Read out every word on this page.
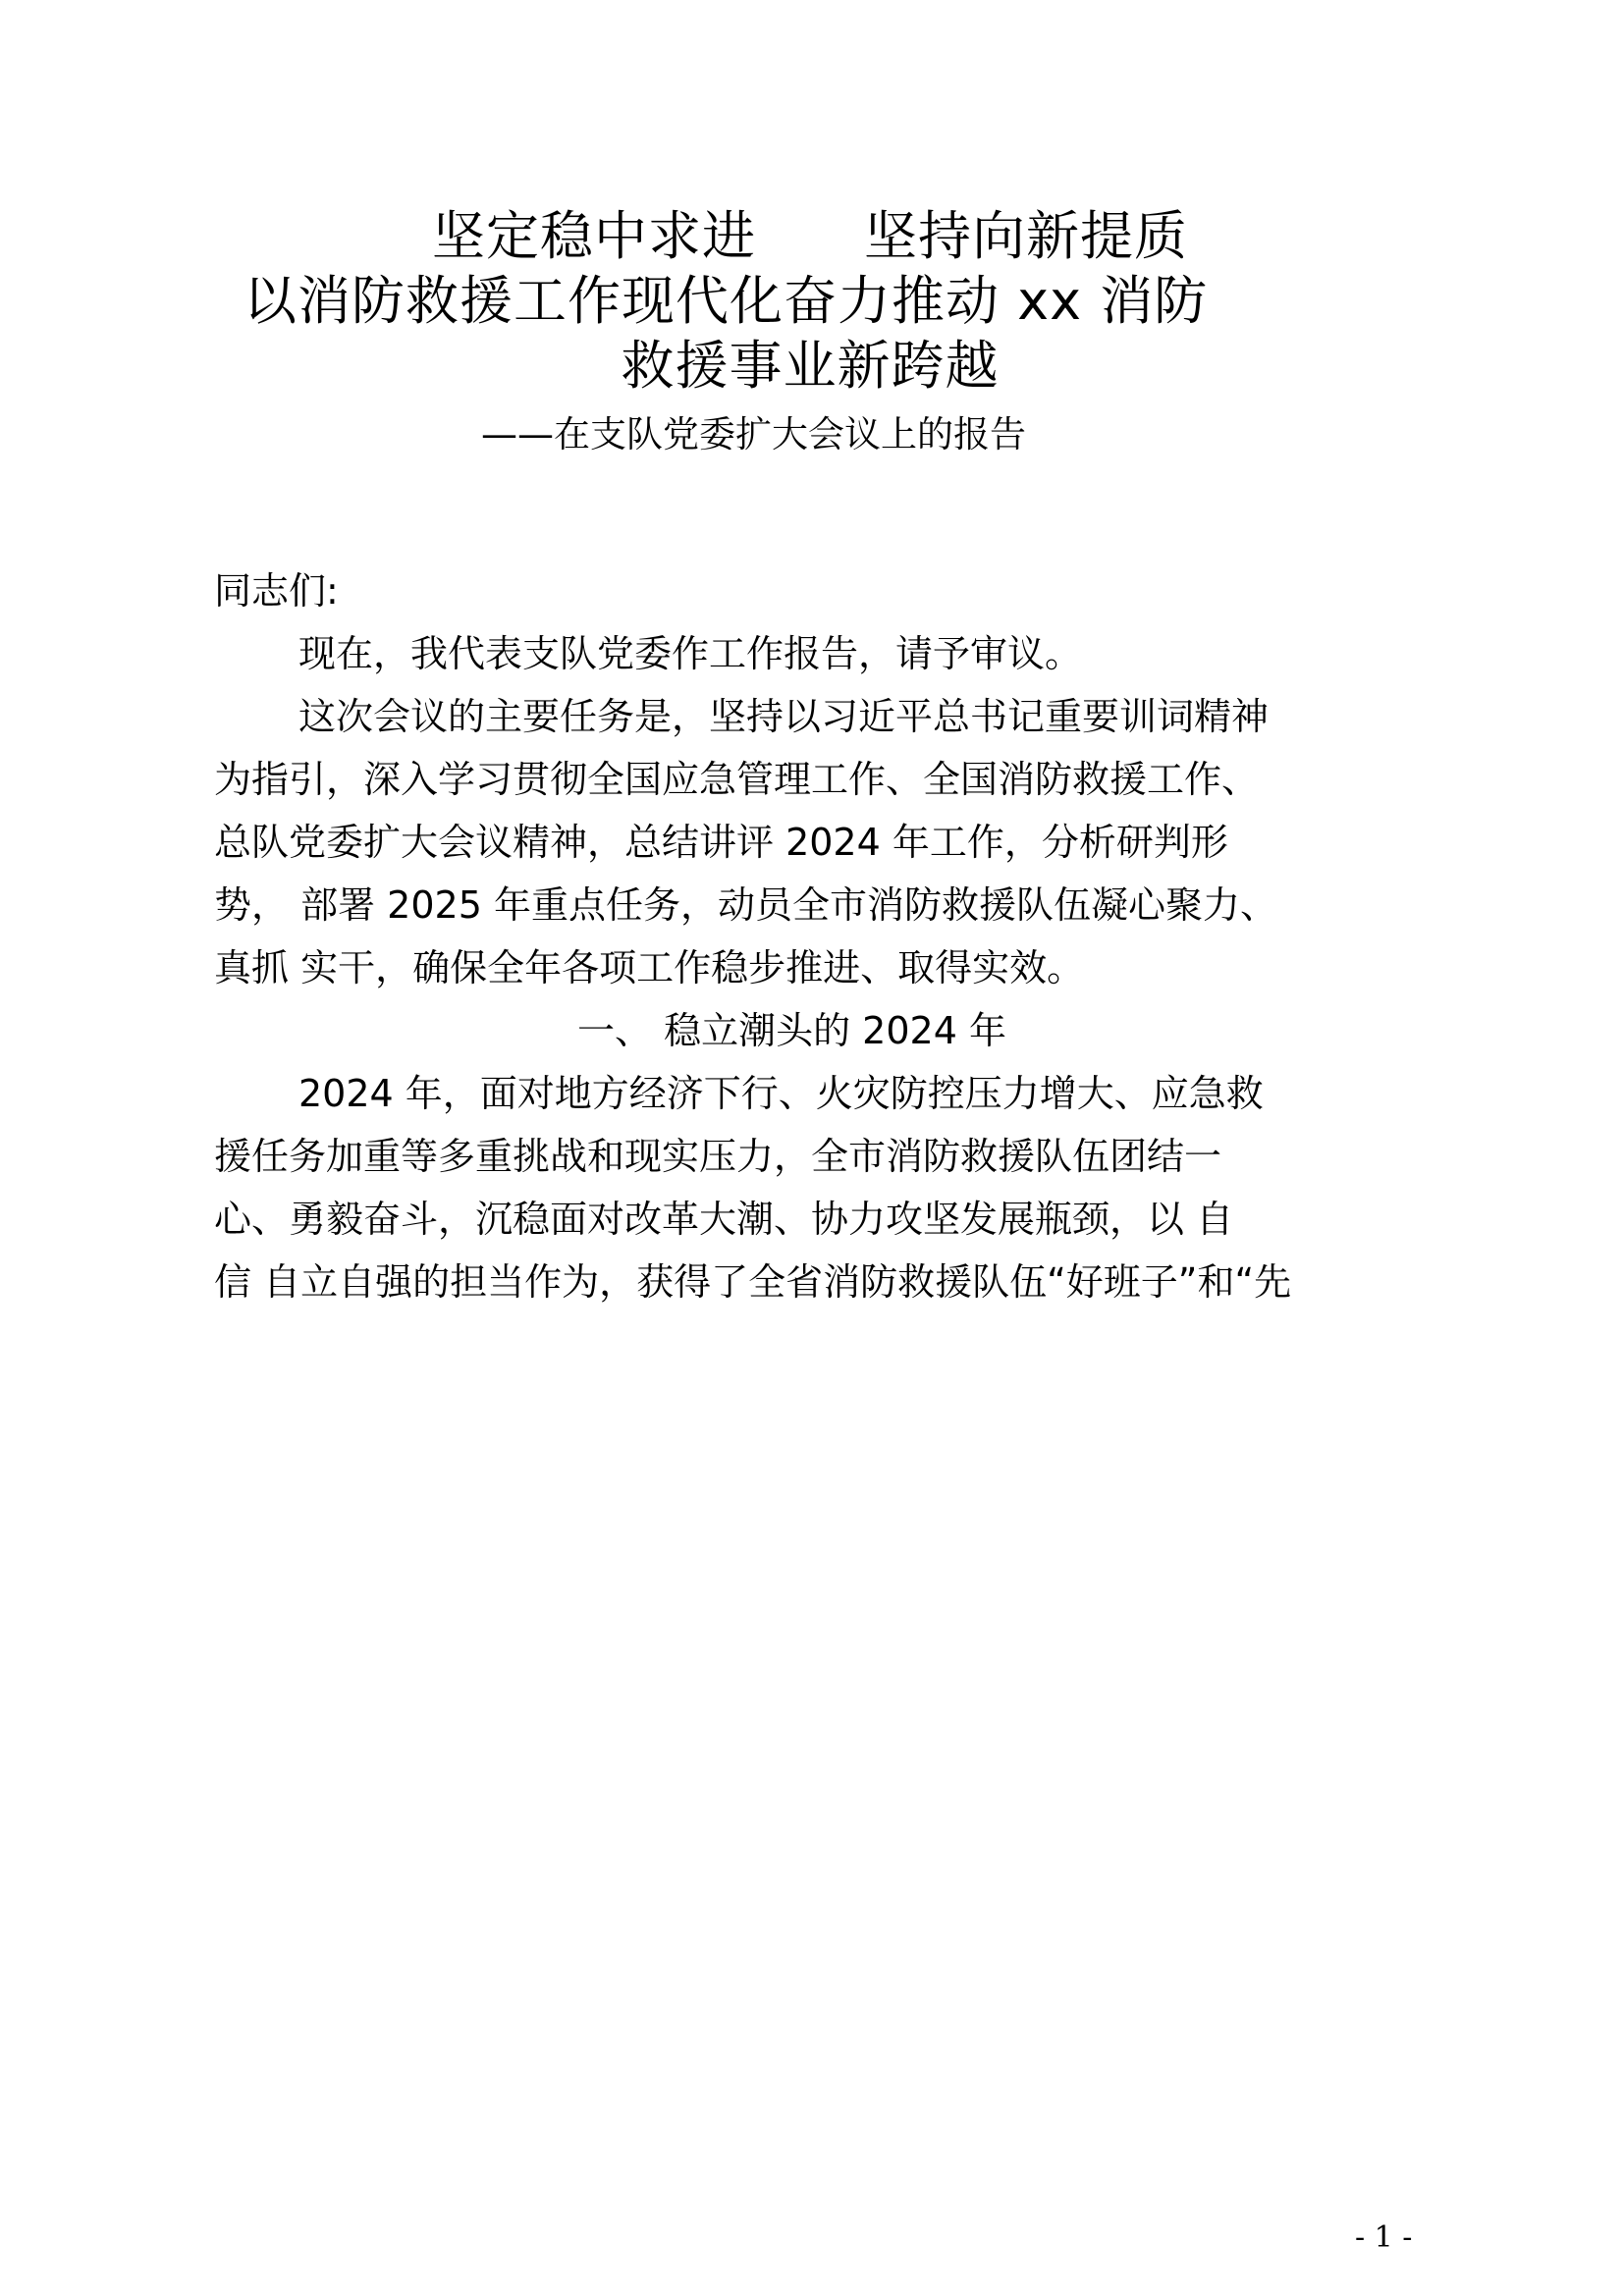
坚定稳中求进　　坚持向新提质
以消防救援工作现代化奋力推动 xx 消防
救援事业新跨越
——在支队党委扩大会议上的报告
同志们:
现在，我代表支队党委作工作报告，请予审议。
这次会议的主要任务是，坚持以习近平总书记重要训词精神
为指引，深入学习贯彻全国应急管理工作、全国消防救援工作、
总队党委扩大会议精神，总结讲评 2024 年工作，分析研判形
势， 部署 2025 年重点任务，动员全市消防救援队伍凝心聚力、
真抓 实干，确保全年各项工作稳步推进、取得实效。
一、 稳立潮头的 2024 年
2024 年，面对地方经济下行、火灾防控压力增大、应急救
援任务加重等多重挑战和现实压力，全市消防救援队伍团结一
心、勇毅奋斗，沉稳面对改革大潮、协力攻坚发展瓶颈，以 自
信 自立自强的担当作为，获得了全省消防救援队伍“好班子”和“先
- 1 -
